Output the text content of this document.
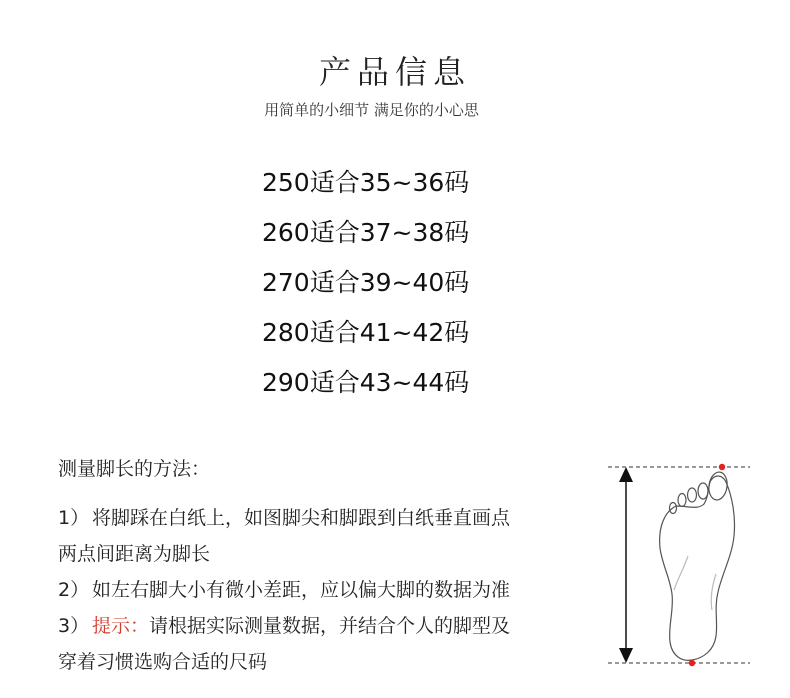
产品信息
用简单的小细节 满足你的小心思
250适合35~36码
260适合37~38码
270适合39~40码
280适合41~42码
290适合43~44码
测量脚长的方法：
1） 将脚踩在白纸上，如图脚尖和脚跟到白纸垂直画点
两点间距离为脚长
2） 如左右脚大小有微小差距，应以偏大脚的数据为准
3） 提示：请根据实际测量数据，并结合个人的脚型及
穿着习惯选购合适的尺码
